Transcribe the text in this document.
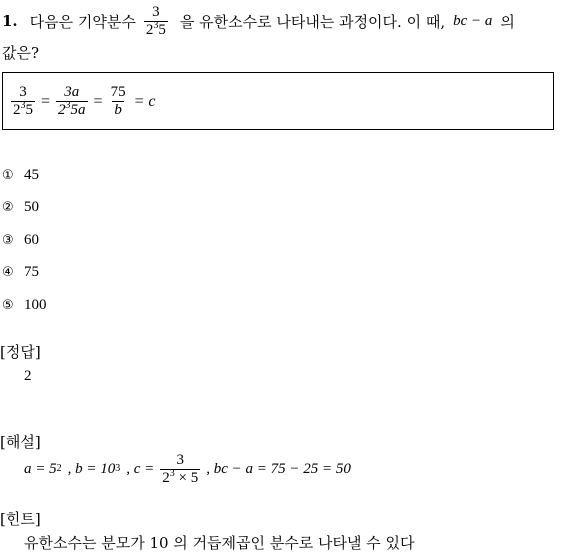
1. 다음은 기약분수 $\frac{3}{2^35}$ 을 유한소수로 나타내는 과정이다. 이 때, bc − a 의
값은?
$\frac{3}{2^35} = \frac{3a}{2^35a} = \frac{75}{b} = c$
① 45
② 50
③ 60
④ 75
⑤ 100
[정답]
2
[해설]
a = 5 2 , b = 10 3 , $c = \frac{3}{2^3 \times 5}$ , bc − a = 75 − 25 = 50
[힌트]
유한소수는 분모가 10 의 거듭제곱인 분수로 나타낼 수 있다
